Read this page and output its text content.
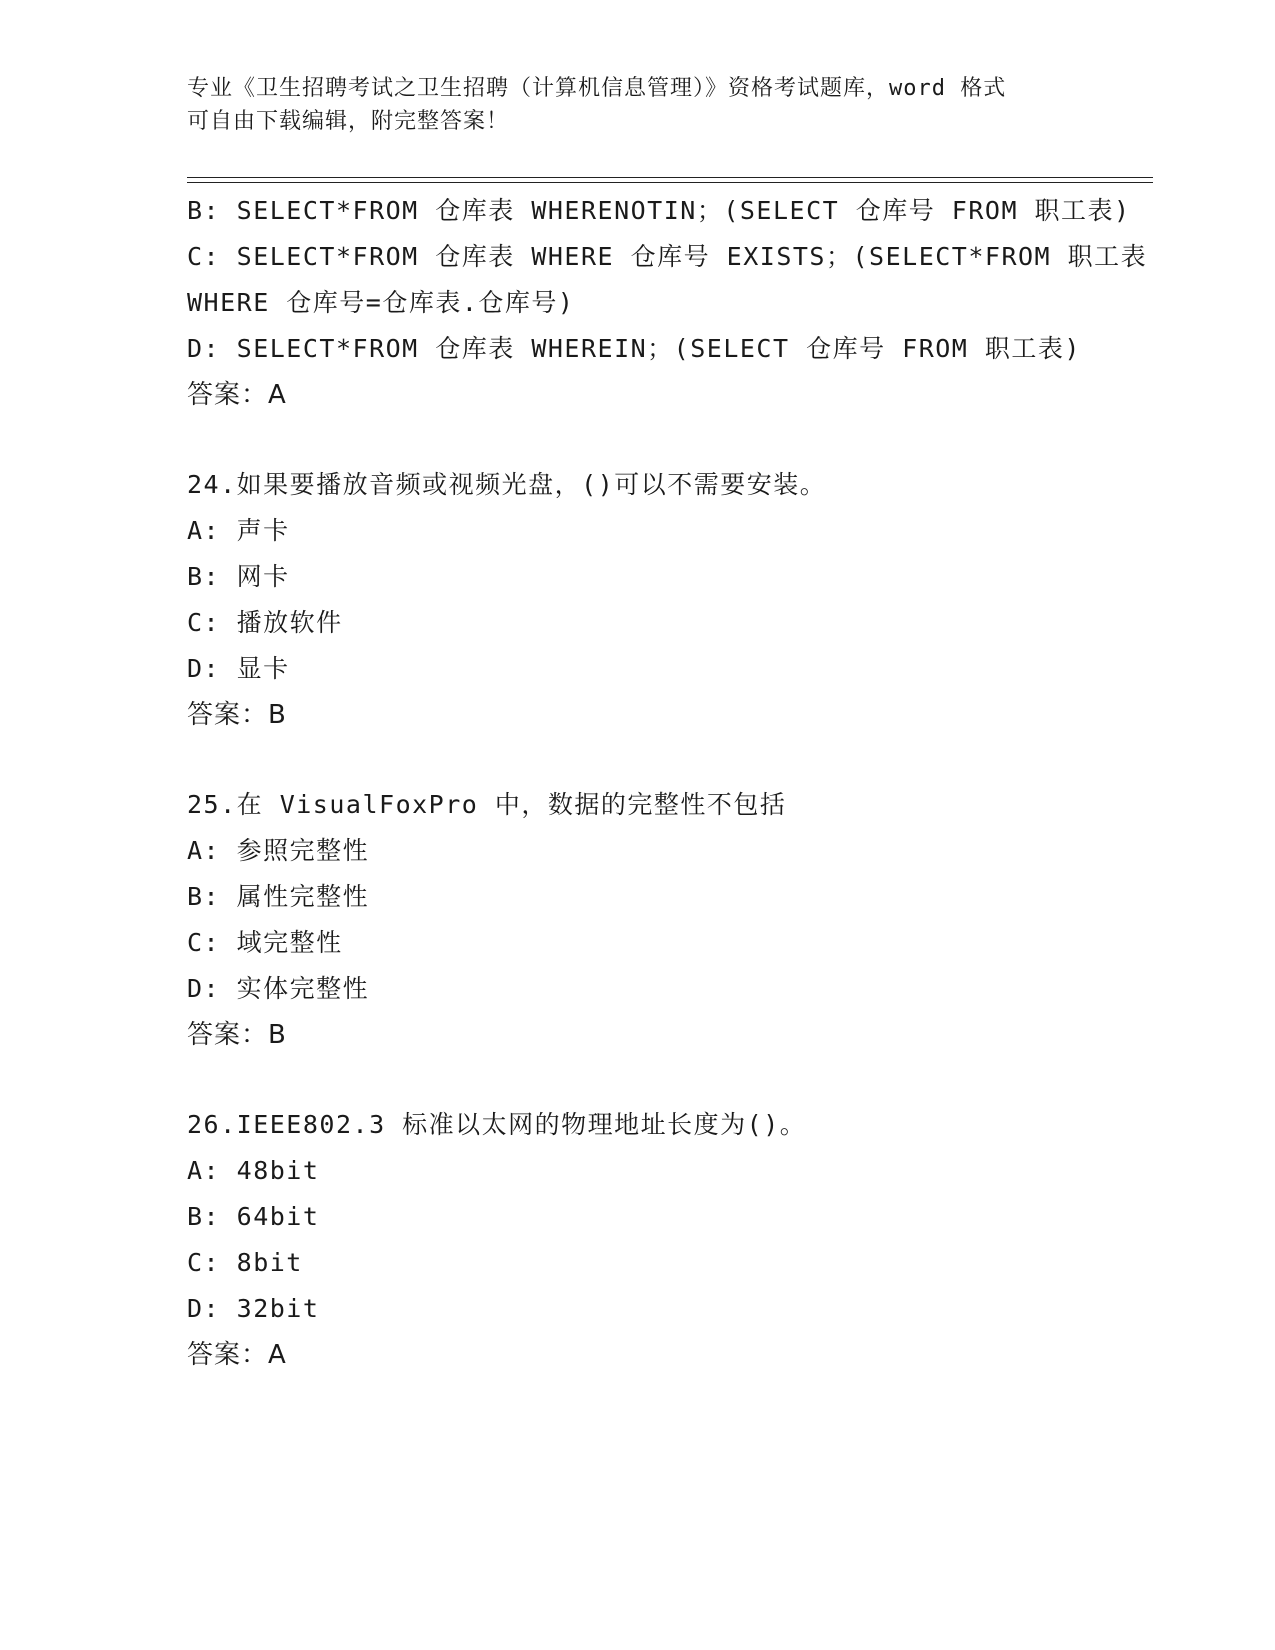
专业《卫生招聘考试之卫生招聘（计算机信息管理）》资格考试题库，word 格式
可自由下载编辑，附完整答案！
B: SELECT*FROM 仓库表 WHERENOTIN；(SELECT 仓库号 FROM 职工表)
C: SELECT*FROM 仓库表 WHERE 仓库号 EXISTS；(SELECT*FROM 职工表
WHERE 仓库号=仓库表.仓库号)
D: SELECT*FROM 仓库表 WHEREIN；(SELECT 仓库号 FROM 职工表)
答案：A
24.如果要播放音频或视频光盘，()可以不需要安装。
A: 声卡
B: 网卡
C: 播放软件
D: 显卡
答案：B
25.在 VisualFoxPro 中，数据的完整性不包括
A: 参照完整性
B: 属性完整性
C: 域完整性
D: 实体完整性
答案：B
26.IEEE802.3 标准以太网的物理地址长度为()。
A: 48bit
B: 64bit
C: 8bit
D: 32bit
答案：A
